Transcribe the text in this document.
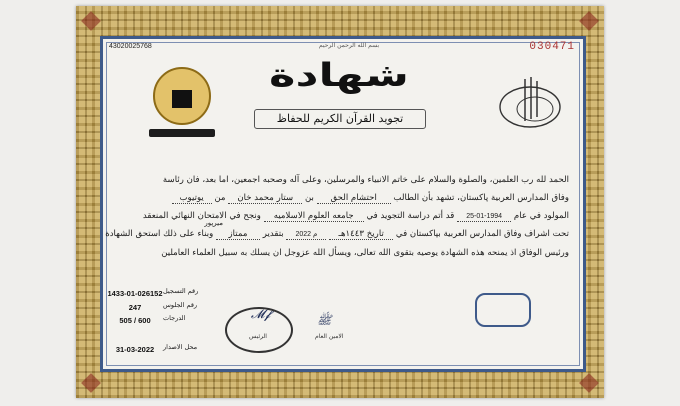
43020025768	030471
بسم الله الرحمن الرحيم
شهادة
تجويد القرآن الكريم للحفاظ
الحمد لله رب العلمين، والصلوة والسلام على خاتم الانبياء والمرسلين، وعلى آله وصحبه اجمعين، اما بعد، فان رئاسة
وفاق المدارس العربية پاکستان، تشهد بأن الطالب احتشام الحق بن ستار محمد خان من يوتيوب
المولود في عام 25-01-1994 قد أتم دراسة التجويد في جامعه العلوم الاسلاميه ونجح في الامتحان النهائي المنعقد
تحت اشراف وفاق المدارس العربية بپاکستان في تاريخ ١٤٤٣هـ 2022 م بتقدير ممتاز وبناء على ذلك استحق الشهادة
ميرپور
ورئيس الوفاق اذ يمنحه هذه الشهادة يوصيه بتقوى الله تعالى، ويسأل الله عزوجل ان يسلك به سبيل العلماء العاملين
رقم التسجيل
1433-01-026152
رقم الجلوس
247
الدرجات
505 / 600
محل الاصدار
31-03-2022
𝓜𝓯
الرئيس
ﷺ
الامين العام
